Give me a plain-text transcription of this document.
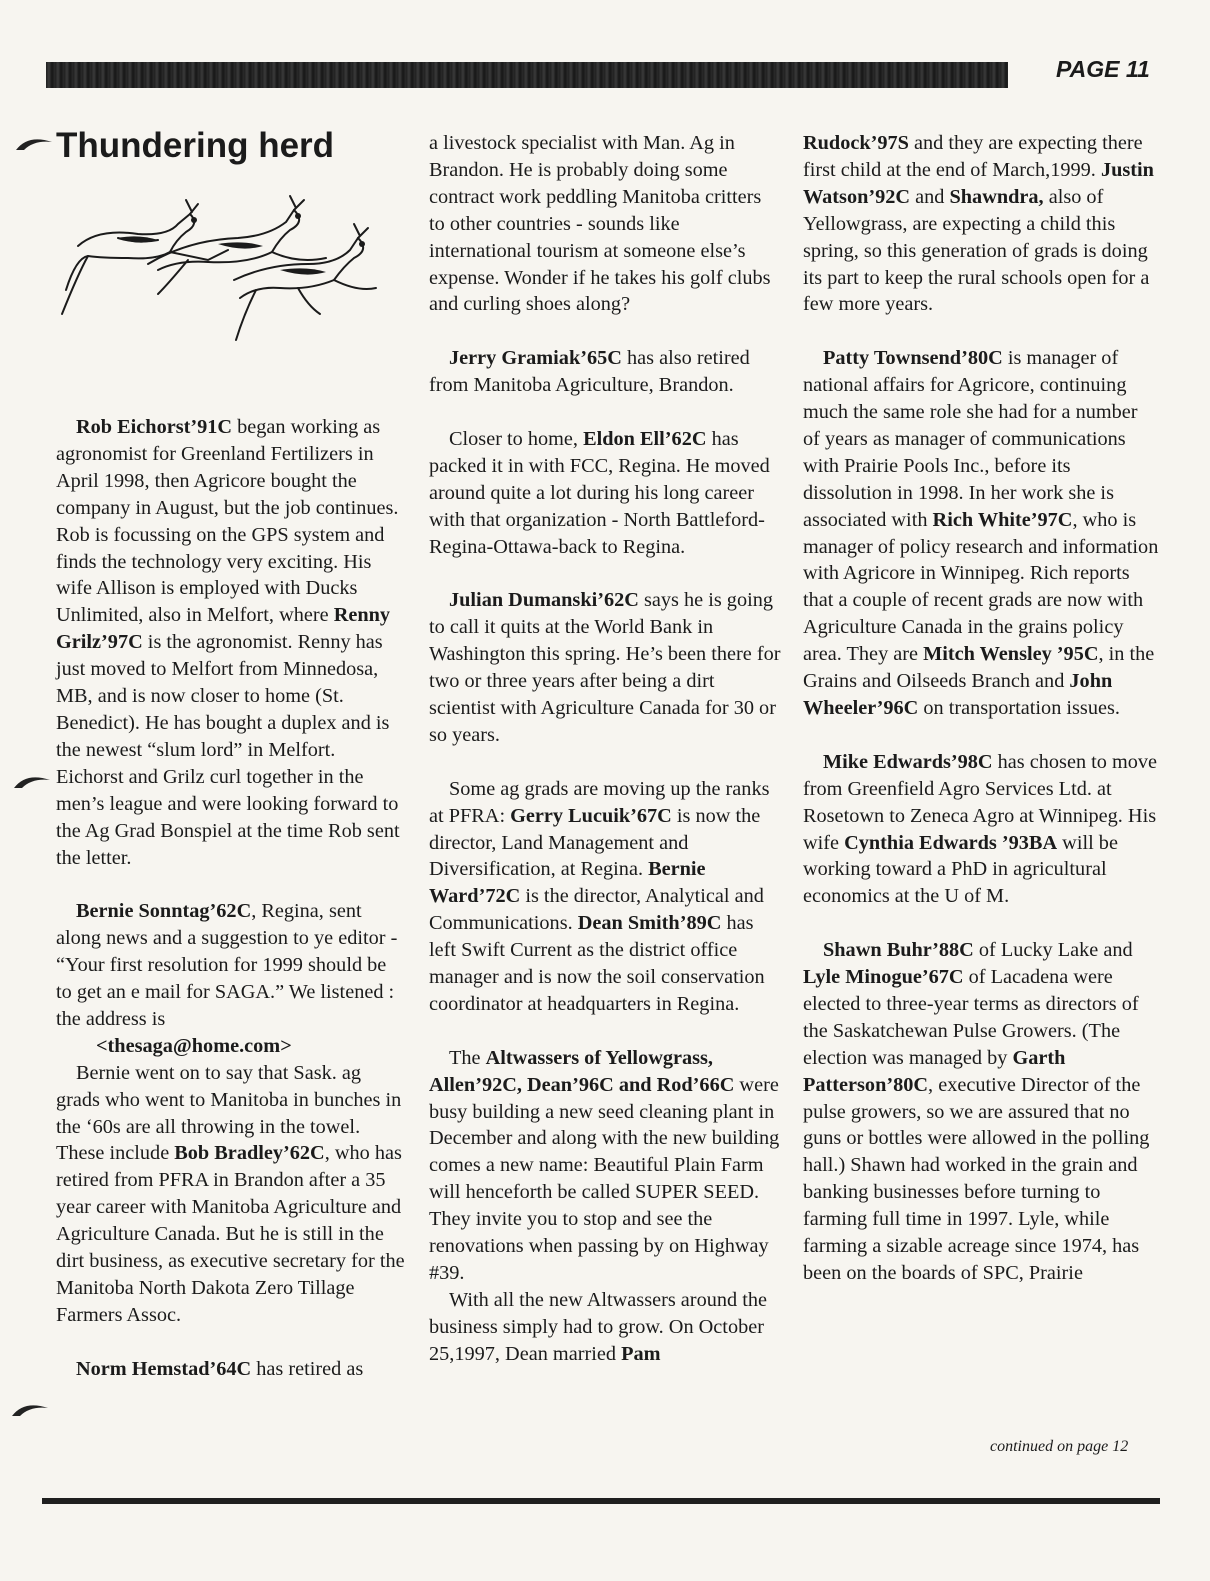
PAGE 11
Thundering herd

Rob Eichorst’91C began working as agronomist for Greenland Fertilizers in April 1998, then Agricore bought the company in August, but the job continues. Rob is focussing on the GPS system and finds the technology very exciting. His wife Allison is employed with Ducks Unlimited, also in Melfort, where Renny Grilz’97C is the agronomist. Renny has just moved to Melfort from Minnedosa, MB, and is now closer to home (St. Benedict). He has bought a duplex and is the newest “slum lord” in Melfort. Eichorst and Grilz curl together in the men’s league and were looking forward to the Ag Grad Bonspiel at the time Rob sent the letter.

Bernie Sonntag’62C, Regina, sent along news and a suggestion to ye editor - “Your first resolution for 1999 should be to get an e mail for SAGA.” We listened : the address is
<thesaga@home.com>

Bernie went on to say that Sask. ag grads who went to Manitoba in bunches in the ‘60s are all throwing in the towel. These include Bob Bradley’62C, who has retired from PFRA in Brandon after a 35 year career with Manitoba Agriculture and Agriculture Canada. But he is still in the dirt business, as executive secretary for the Manitoba North Dakota Zero Tillage Farmers Assoc.

Norm Hemstad’64C has retired as

a livestock specialist with Man. Ag in Brandon. He is probably doing some contract work peddling Manitoba critters to other countries - sounds like international tourism at someone else’s expense. Wonder if he takes his golf clubs and curling shoes along?

Jerry Gramiak’65C has also retired from Manitoba Agriculture, Brandon.

Closer to home, Eldon Ell’62C has packed it in with FCC, Regina. He moved around quite a lot during his long career with that organization - North Battleford-Regina-Ottawa-back to Regina.

Julian Dumanski’62C says he is going to call it quits at the World Bank in Washington this spring. He’s been there for two or three years after being a dirt scientist with Agriculture Canada for 30 or so years.

Some ag grads are moving up the ranks at PFRA: Gerry Lucuik’67C is now the director, Land Management and Diversification, at Regina. Bernie Ward’72C is the director, Analytical and Communications. Dean Smith’89C has left Swift Current as the district office manager and is now the soil conservation coordinator at headquarters in Regina.

The Altwassers of Yellowgrass, Allen’92C, Dean’96C and Rod’66C were busy building a new seed cleaning plant in December and along with the new building comes a new name: Beautiful Plain Farm will henceforth be called SUPER SEED. They invite you to stop and see the renovations when passing by on Highway #39.

With all the new Altwassers around the business simply had to grow. On October 25,1997, Dean married Pam

Rudock’97S and they are expecting there first child at the end of March,1999. Justin Watson’92C and Shawndra, also of Yellowgrass, are expecting a child this spring, so this generation of grads is doing its part to keep the rural schools open for a few more years.

Patty Townsend’80C is manager of national affairs for Agricore, continuing much the same role she had for a number of years as manager of communications with Prairie Pools Inc., before its dissolution in 1998. In her work she is associated with Rich White’97C, who is manager of policy research and information with Agricore in Winnipeg. Rich reports that a couple of recent grads are now with Agriculture Canada in the grains policy area. They are Mitch Wensley ’95C, in the Grains and Oilseeds Branch and John Wheeler’96C on transportation issues.

Mike Edwards’98C has chosen to move from Greenfield Agro Services Ltd. at Rosetown to Zeneca Agro at Winnipeg. His wife Cynthia Edwards ’93BA will be working toward a PhD in agricultural economics at the U of M.

Shawn Buhr’88C of Lucky Lake and Lyle Minogue’67C of Lacadena were elected to three-year terms as directors of the Saskatchewan Pulse Growers. (The election was managed by Garth Patterson’80C, executive Director of the pulse growers, so we are assured that no guns or bottles were allowed in the polling hall.) Shawn had worked in the grain and banking businesses before turning to farming full time in 1997. Lyle, while farming a sizable acreage since 1974, has been on the boards of SPC, Prairie

continued on page 12
